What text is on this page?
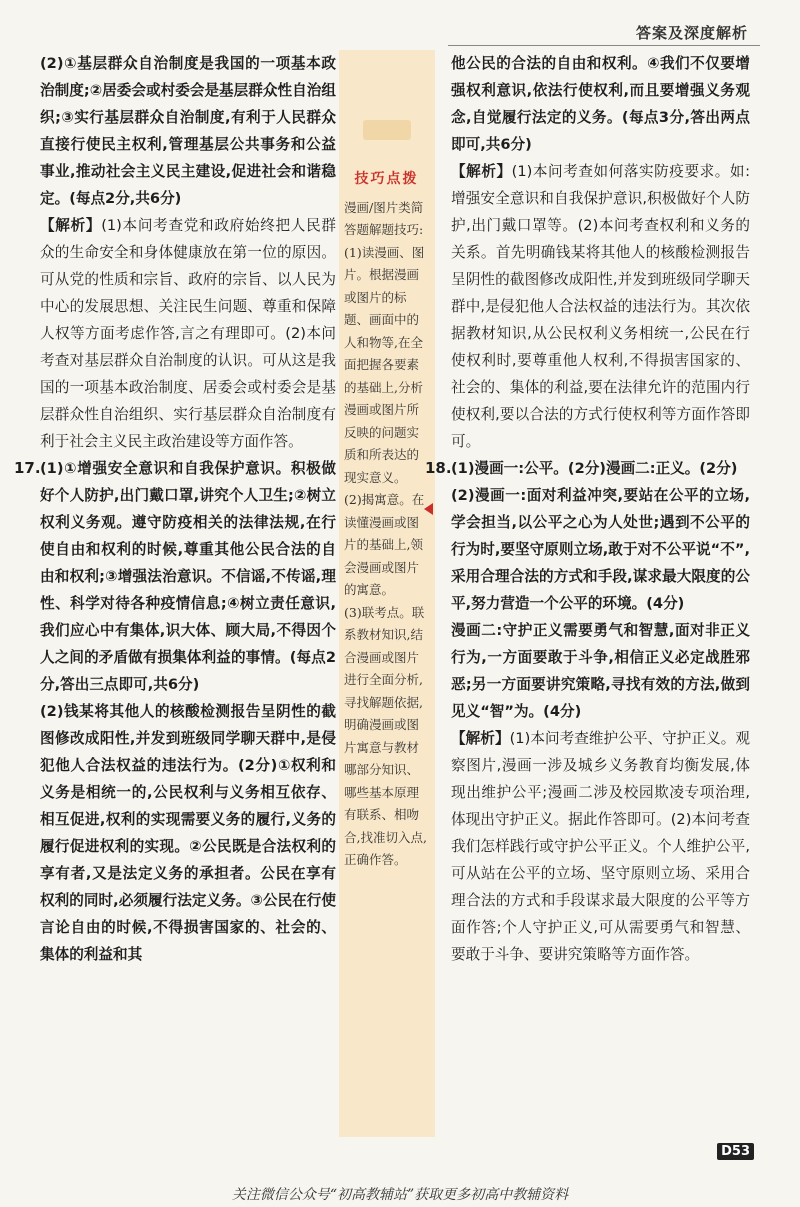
答案及深度解析

(2)①基层群众自治制度是我国的一项基本政治制度;②居委会或村委会是基层群众性自治组织;③实行基层群众自治制度,有利于人民群众直接行使民主权利,管理基层公共事务和公益事业,推动社会主义民主建设,促进社会和谐稳定。(每点2分,共6分)

【解析】(1)本问考查党和政府始终把人民群众的生命安全和身体健康放在第一位的原因。可从党的性质和宗旨、政府的宗旨、以人民为中心的发展思想、关注民生问题、尊重和保障人权等方面考虑作答,言之有理即可。(2)本问考查对基层群众自治制度的认识。可从这是我国的一项基本政治制度、居委会或村委会是基层群众性自治组织、实行基层群众自治制度有利于社会主义民主政治建设等方面作答。

17. (1)①增强安全意识和自我保护意识。积极做好个人防护,出门戴口罩,讲究个人卫生;②树立权利义务观。遵守防疫相关的法律法规,在行使自由和权利的时候,尊重其他公民合法的自由和权利;③增强法治意识。不信谣,不传谣,理性、科学对待各种疫情信息;④树立责任意识,我们应心中有集体,识大体、顾大局,不得因个人之间的矛盾做有损集体利益的事情。(每点2分,答出三点即可,共6分)

(2)钱某将其他人的核酸检测报告呈阴性的截图修改成阳性,并发到班级同学聊天群中,是侵犯他人合法权益的违法行为。(2分)①权利和义务是相统一的,公民权利与义务相互依存、相互促进,权利的实现需要义务的履行,义务的履行促进权利的实现。②公民既是合法权利的享有者,又是法定义务的承担者。公民在享有权利的同时,必须履行法定义务。③公民在行使言论自由的时候,不得损害国家的、社会的、集体的利益和其

技巧点拨

漫画/图片类简答题解题技巧:

(1)读漫画、图片。根据漫画或图片的标题、画面中的人和物等,在全面把握各要素的基础上,分析漫画或图片所反映的问题实质和所表达的现实意义。

(2)揭寓意。在读懂漫画或图片的基础上,领会漫画或图片的寓意。

(3)联考点。联系教材知识,结合漫画或图片进行全面分析,寻找解题依据,明确漫画或图片寓意与教材哪部分知识、哪些基本原理有联系、相吻合,找准切入点,正确作答。

他公民的合法的自由和权利。④我们不仅要增强权利意识,依法行使权利,而且要增强义务观念,自觉履行法定的义务。(每点3分,答出两点即可,共6分)

【解析】(1)本问考查如何落实防疫要求。如:增强安全意识和自我保护意识,积极做好个人防护,出门戴口罩等。(2)本问考查权利和义务的关系。首先明确钱某将其他人的核酸检测报告呈阴性的截图修改成阳性,并发到班级同学聊天群中,是侵犯他人合法权益的违法行为。其次依据教材知识,从公民权利义务相统一,公民在行使权利时,要尊重他人权利,不得损害国家的、社会的、集体的利益,要在法律允许的范围内行使权利,要以合法的方式行使权利等方面作答即可。

18. (1)漫画一:公平。(2分)漫画二:正义。(2分)

(2)漫画一:面对利益冲突,要站在公平的立场,学会担当,以公平之心为人处世;遇到不公平的行为时,要坚守原则立场,敢于对不公平说“不”,采用合理合法的方式和手段,谋求最大限度的公平,努力营造一个公平的环境。(4分)

漫画二:守护正义需要勇气和智慧,面对非正义行为,一方面要敢于斗争,相信正义必定战胜邪恶;另一方面要讲究策略,寻找有效的方法,做到见义“智”为。(4分)

【解析】(1)本问考查维护公平、守护正义。观察图片,漫画一涉及城乡义务教育均衡发展,体现出维护公平;漫画二涉及校园欺凌专项治理,体现出守护正义。据此作答即可。(2)本问考查我们怎样践行或守护公平正义。个人维护公平,可从站在公平的立场、坚守原则立场、采用合理合法的方式和手段谋求最大限度的公平等方面作答;个人守护正义,可从需要勇气和智慧、要敢于斗争、要讲究策略等方面作答。

D53
关注微信公众号“初高教辅站”获取更多初高中教辅资料
